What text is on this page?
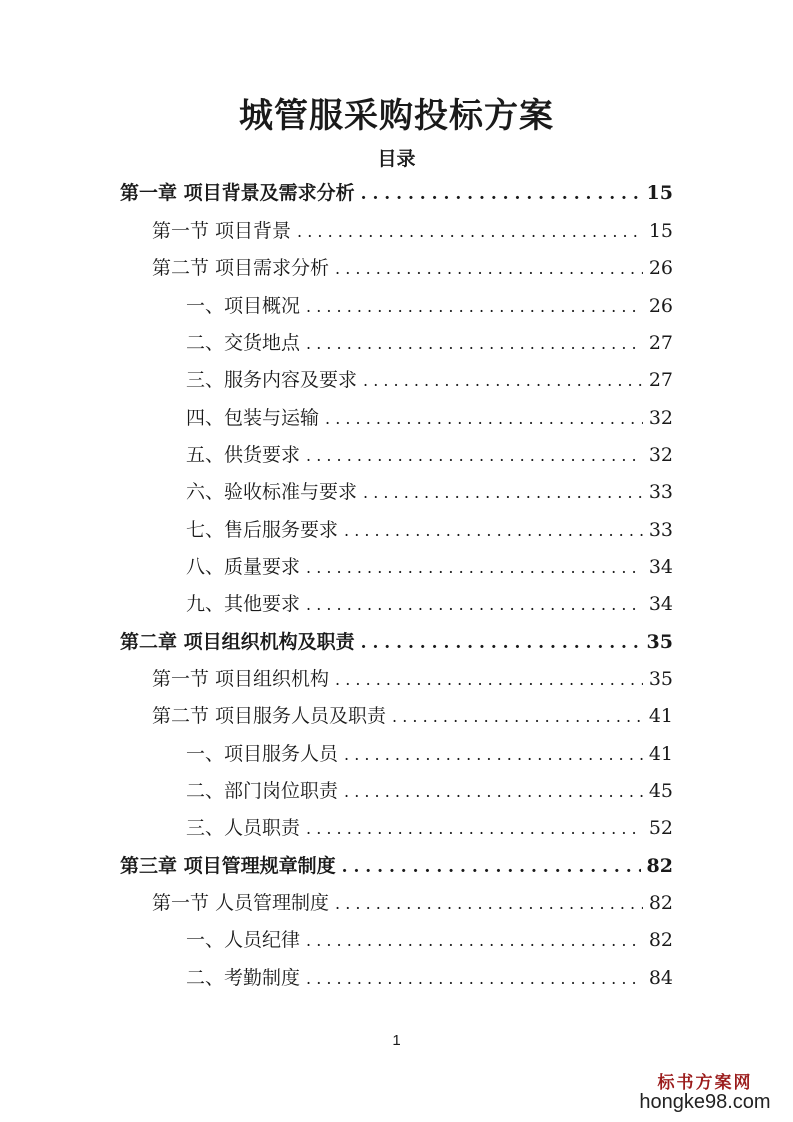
城管服采购投标方案
目录
第一章 项目背景及需求分析 . . .	15
第一节 项目背景 . . .	15
第二节 项目需求分析 . . .	26
一、项目概况 . . .	26
二、交货地点 . . .	27
三、服务内容及要求 . . .	27
四、包装与运输 . . .	32
五、供货要求 . . .	32
六、验收标准与要求 . . .	33
七、售后服务要求 . . .	33
八、质量要求 . . .	34
九、其他要求 . . .	34
第二章 项目组织机构及职责 . . .	35
第一节 项目组织机构 . . .	35
第二节 项目服务人员及职责 . . .	41
一、项目服务人员 . . .	41
二、部门岗位职责 . . .	45
三、人员职责 . . .	52
第三章 项目管理规章制度 . . .	82
第一节 人员管理制度 . . .	82
一、人员纪律 . . .	82
二、考勤制度 . . .	84
1
标书方案网
hongke98.com
